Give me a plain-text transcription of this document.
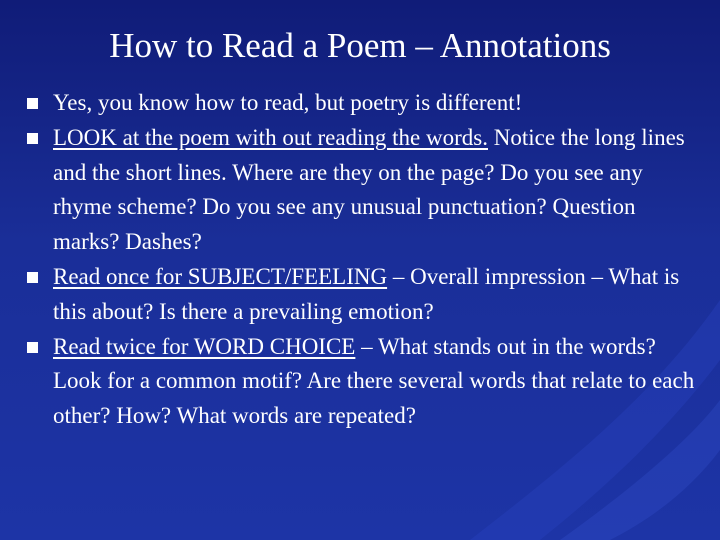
How to Read a Poem – Annotations
Yes, you know how to read, but poetry is different!
LOOK at the poem with out reading the words. Notice the long lines and the short lines. Where are they on the page? Do you see any rhyme scheme? Do you see any unusual punctuation? Question marks? Dashes?
Read once for SUBJECT/FEELING – Overall impression – What is this about? Is there a prevailing emotion?
Read twice for WORD CHOICE – What stands out in the words? Look for a common motif? Are there several words that relate to each other? How? What words are repeated?
